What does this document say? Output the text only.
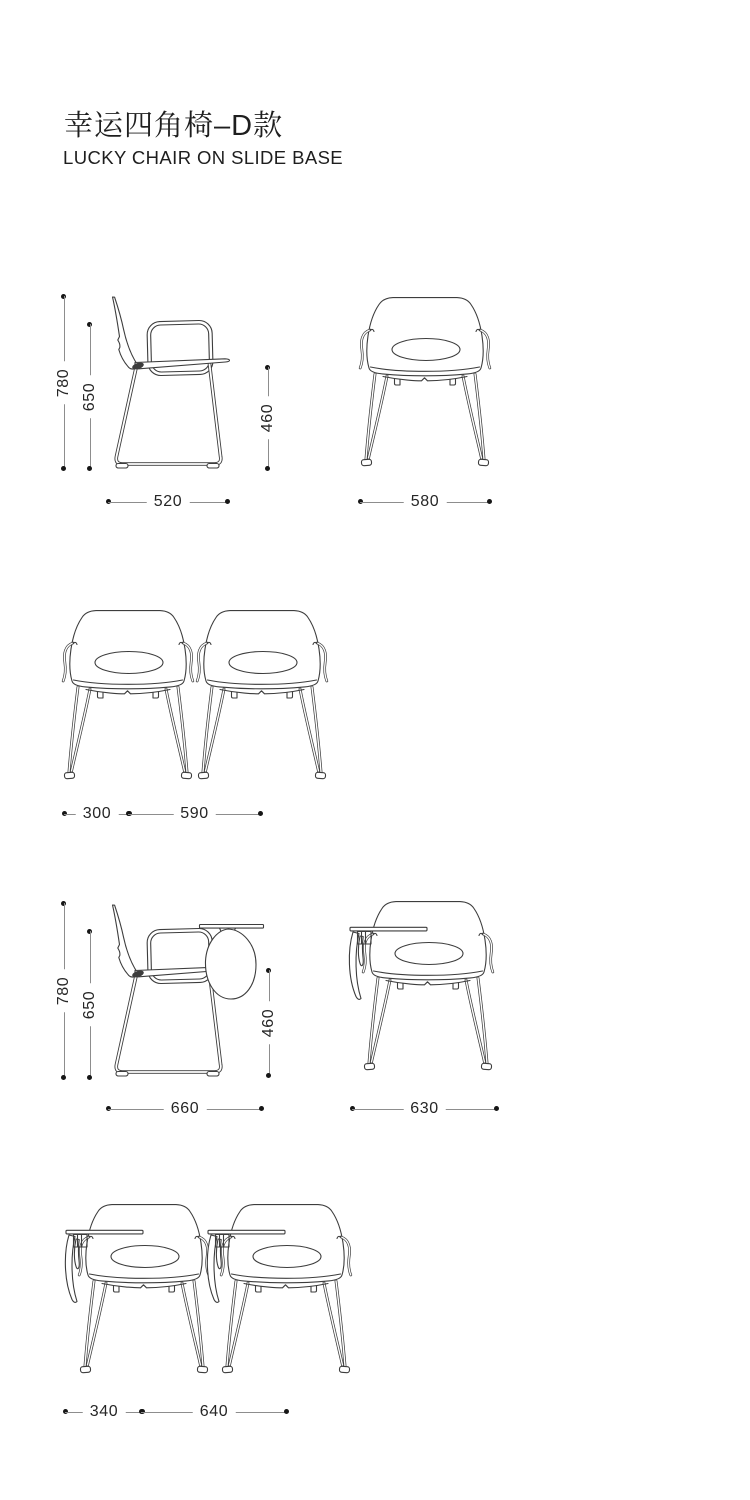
幸运四角椅–D款
LUCKY CHAIR ON SLIDE BASE
780 650
460
520	580
300	590
780 650
460
660	630
340	640
